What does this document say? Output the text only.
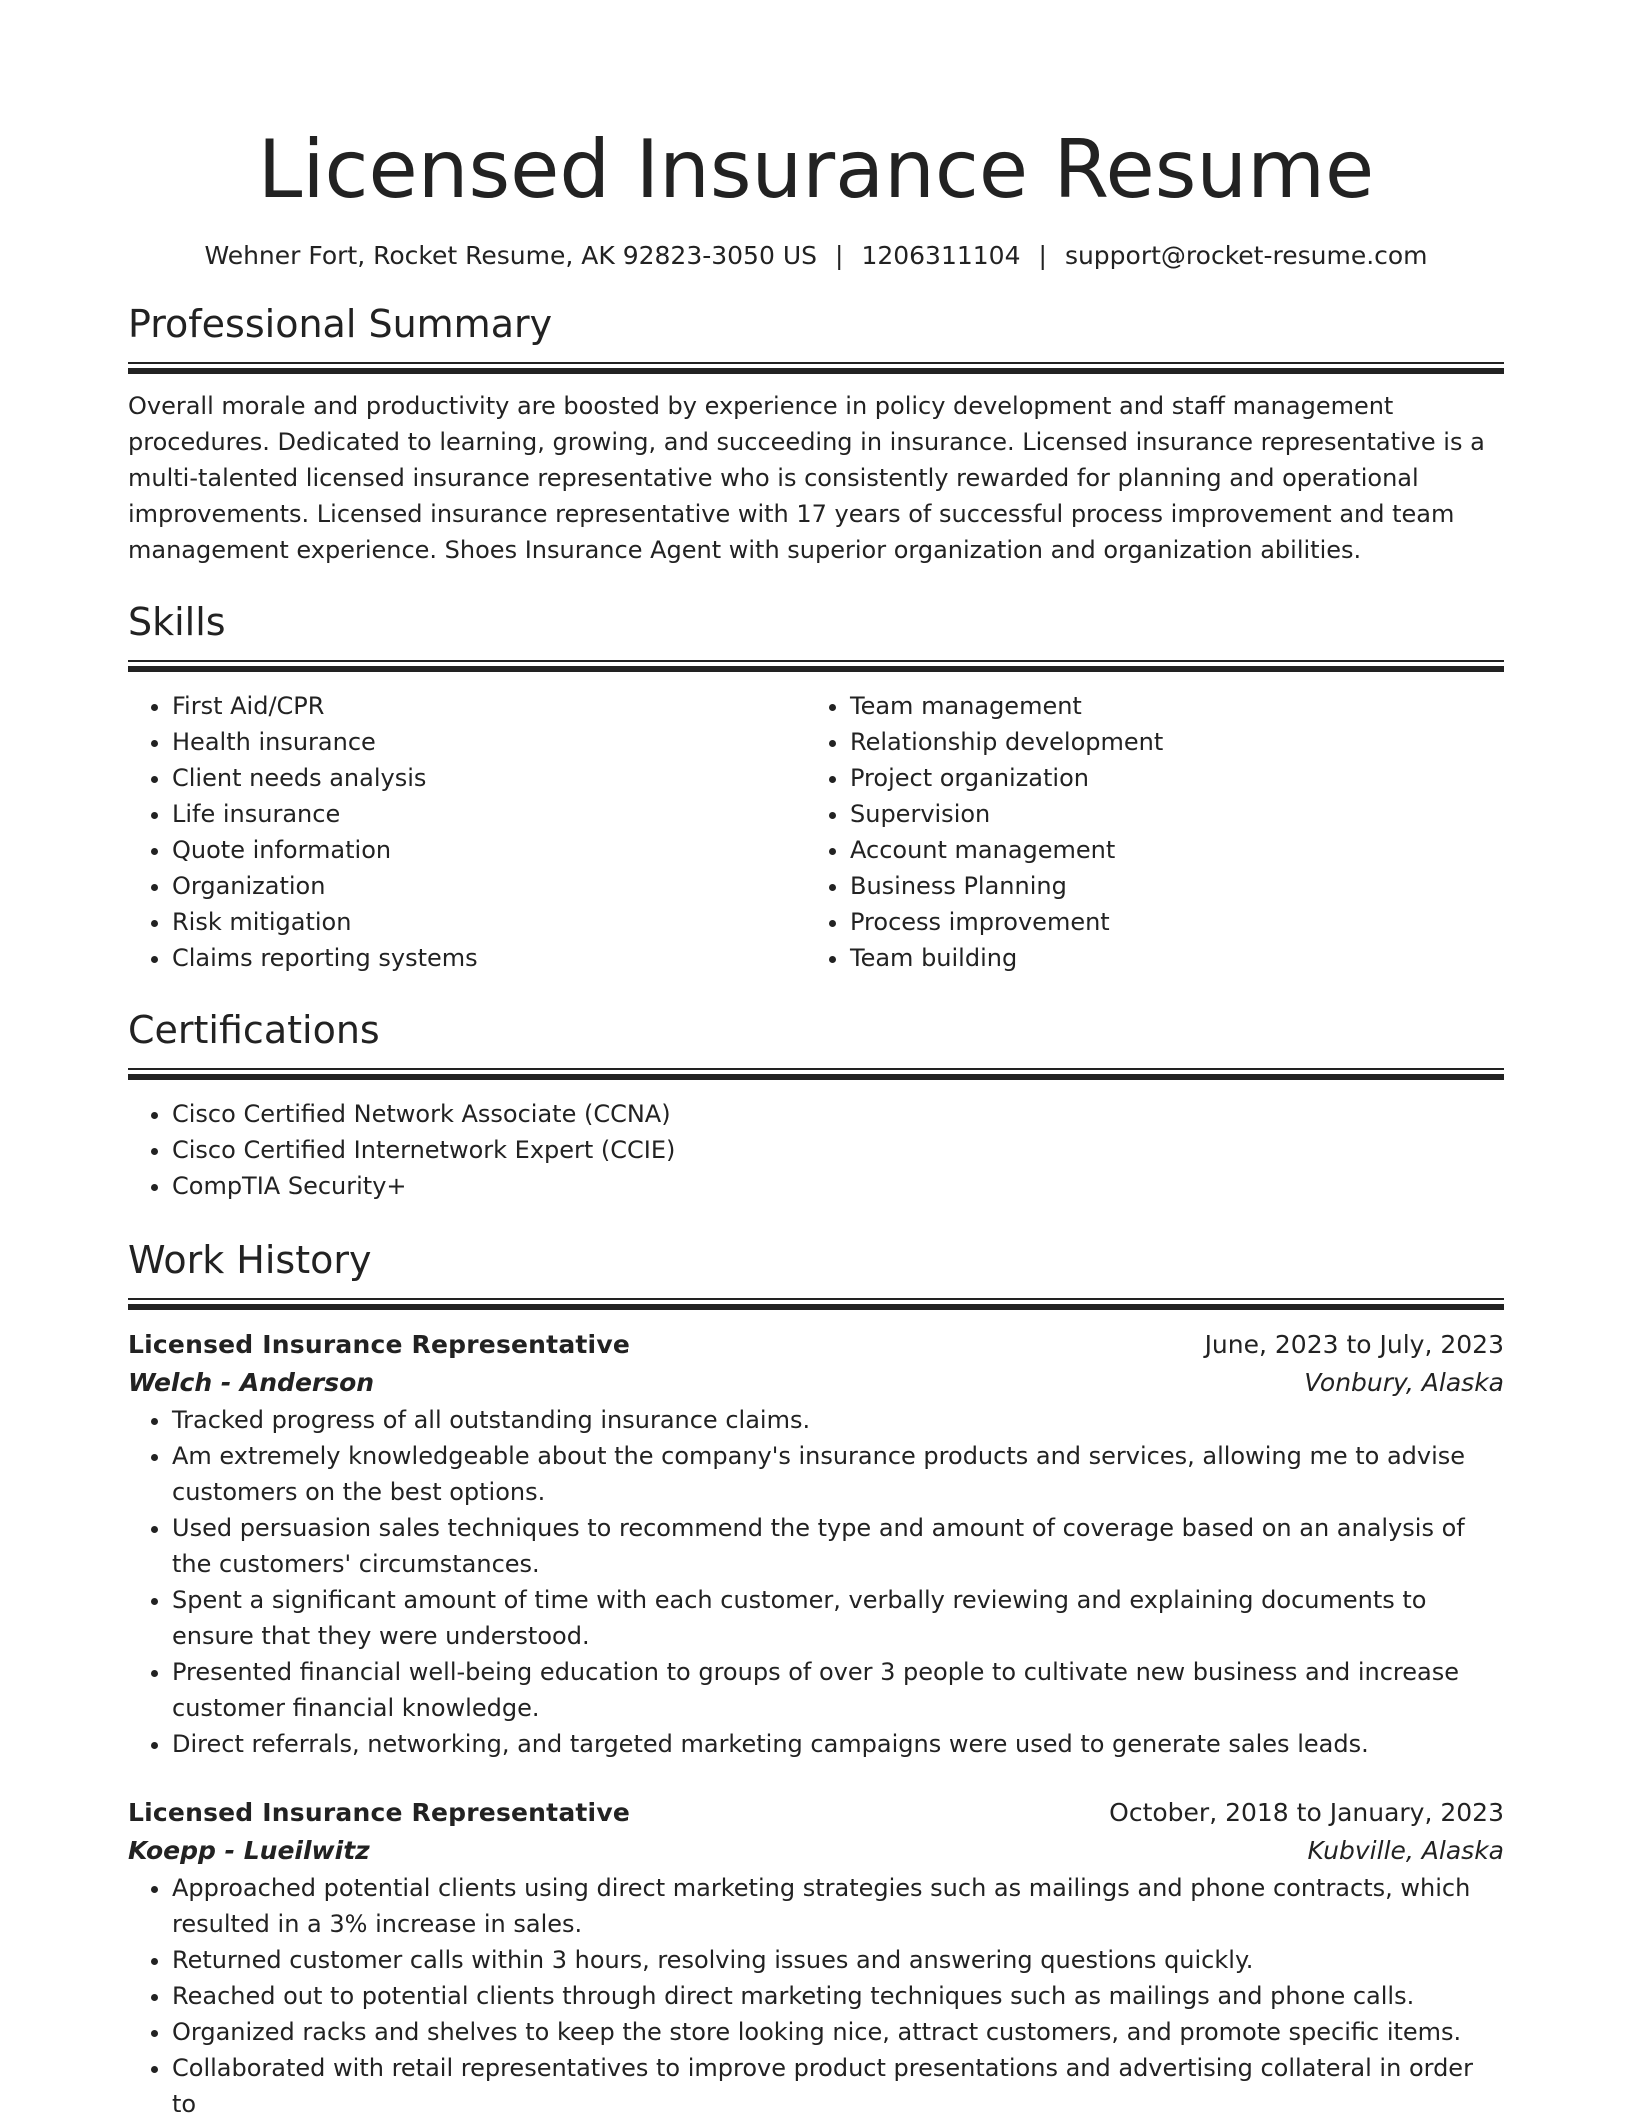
Licensed Insurance Resume
Wehner Fort, Rocket Resume, AK 92823-3050 US | 1206311104 | support@rocket-resume.com
Professional Summary

Overall morale and productivity are boosted by experience in policy development and staff management procedures. Dedicated to learning, growing, and succeeding in insurance. Licensed insurance representative is a multi-talented licensed insurance representative who is consistently rewarded for planning and operational improvements. Licensed insurance representative with 17 years of successful process improvement and team management experience. Shoes Insurance Agent with superior organization and organization abilities.

Skills
• First Aid/CPR
• Health insurance
• Client needs analysis
• Life insurance
• Quote information
• Organization
• Risk mitigation
• Claims reporting systems
• Team management
• Relationship development
• Project organization
• Supervision
• Account management
• Business Planning
• Process improvement
• Team building
Certifications
• Cisco Certified Network Associate (CCNA)
• Cisco Certified Internetwork Expert (CCIE)
• CompTIA Security+
Work History
Licensed Insurance Representative	June, 2023 to July, 2023
Welch - Anderson	Vonbury, Alaska
• Tracked progress of all outstanding insurance claims.
• Am extremely knowledgeable about the company's insurance products and services, allowing me to advise customers on the best options.
• Used persuasion sales techniques to recommend the type and amount of coverage based on an analysis of the customers' circumstances.
• Spent a significant amount of time with each customer, verbally reviewing and explaining documents to ensure that they were understood.
• Presented financial well-being education to groups of over 3 people to cultivate new business and increase customer financial knowledge.
• Direct referrals, networking, and targeted marketing campaigns were used to generate sales leads.
Licensed Insurance Representative	October, 2018 to January, 2023
Koepp - Lueilwitz	Kubville, Alaska
• Approached potential clients using direct marketing strategies such as mailings and phone contracts, which resulted in a 3% increase in sales.
• Returned customer calls within 3 hours, resolving issues and answering questions quickly.
• Reached out to potential clients through direct marketing techniques such as mailings and phone calls.
• Organized racks and shelves to keep the store looking nice, attract customers, and promote specific items.
• Collaborated with retail representatives to improve product presentations and advertising collateral in order to
